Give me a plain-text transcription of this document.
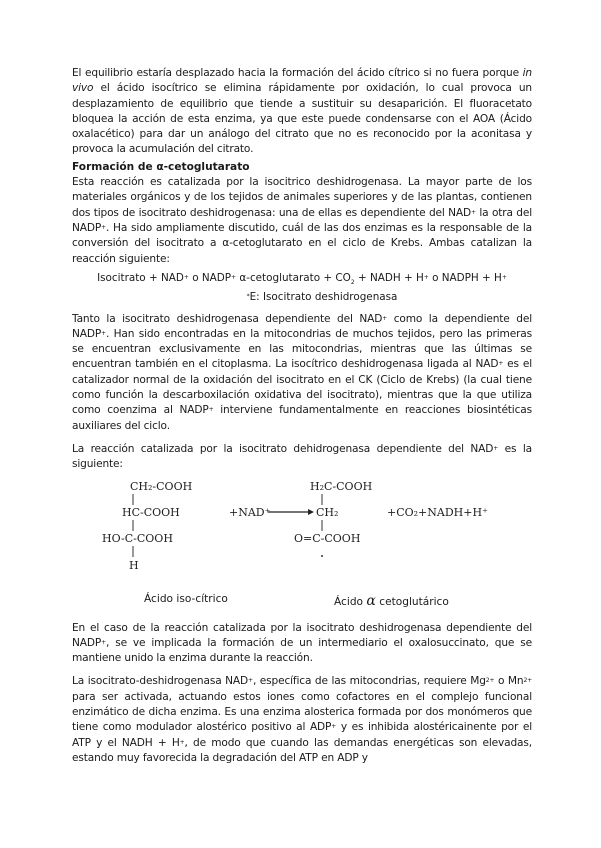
El equilibrio estaría desplazado hacia la formación del ácido cítrico si no fuera porque in vivo el ácido isocítrico se elimina rápidamente por oxidación, lo cual provoca un desplazamiento de equilibrio que tiende a sustituir su desaparición. El fluoracetato bloquea la acción de esta enzima, ya que este puede condensarse con el AOA (Ácido oxalacético) para dar un análogo del citrato que no es reconocido por la aconitasa y provoca la acumulación del citrato.

Formación de α-cetoglutarato

Esta reacción es catalizada por la isocitrico deshidrogenasa. La mayor parte de los materiales orgánicos y de los tejidos de animales superiores y de las plantas, contienen dos tipos de isocitrato deshidrogenasa: una de ellas es dependiente del NAD+ la otra del NADP+. Ha sido ampliamente discutido, cuál de las dos enzimas es la responsable de la conversión del isocitrato a α-cetoglutarato en el ciclo de Krebs. Ambas catalizan la reacción siguiente:

Isocitrato + NAD+ o NADP+ α-cetoglutarato + $CO_2$ + NADH + H+ o NADPH + H+
*E: Isocitrato deshidrogenasa

Tanto la isocitrato deshidrogenasa dependiente del NAD+ como la dependiente del NADP+. Han sido encontradas en la mitocondrias de muchos tejidos, pero las primeras se encuentran exclusivamente en las mitocondrias, mientras que las últimas se encuentran también en el citoplasma. La isocítrico deshidrogenasa ligada al NAD+ es el catalizador normal de la oxidación del isocitrato en el CK (Ciclo de Krebs) (la cual tiene como función la descarboxilación oxidativa del isocitrato), mientras que la que utiliza como coenzima al NADP+ interviene fundamentalmente en reacciones biosintéticas auxiliares del ciclo.

La reacción catalizada por la isocitrato dehidrogenasa dependiente del NAD+ es la siguiente:

CH₂-COOH
HC-COOH
HO-C-COOH
H
+NAD⁺
H₂C-COOH
CH₂
O=C-COOH
+CO₂+NADH+H⁺
Ácido iso-cítrico	Ácido α cetoglutárico

En el caso de la reacción catalizada por la isocitrato deshidrogenasa dependiente del NADP+, se ve implicada la formación de un intermediario el oxalosuccinato, que se mantiene unido la enzima durante la reacción.

La isocitrato-deshidrogenasa NAD+, específica de las mitocondrias, requiere $Mg^{2+}$ o $Mn^{2+}$ para ser activada, actuando estos iones como cofactores en el complejo funcional enzimático de dicha enzima. Es una enzima alosterica formada por dos monómeros que tiene como modulador alostérico positivo al ADP+ y es inhibida alostéricainente por el ATP y el NADH + H+, de modo que cuando las demandas energéticas son elevadas, estando muy favorecida la degradación del ATP en ADP y
